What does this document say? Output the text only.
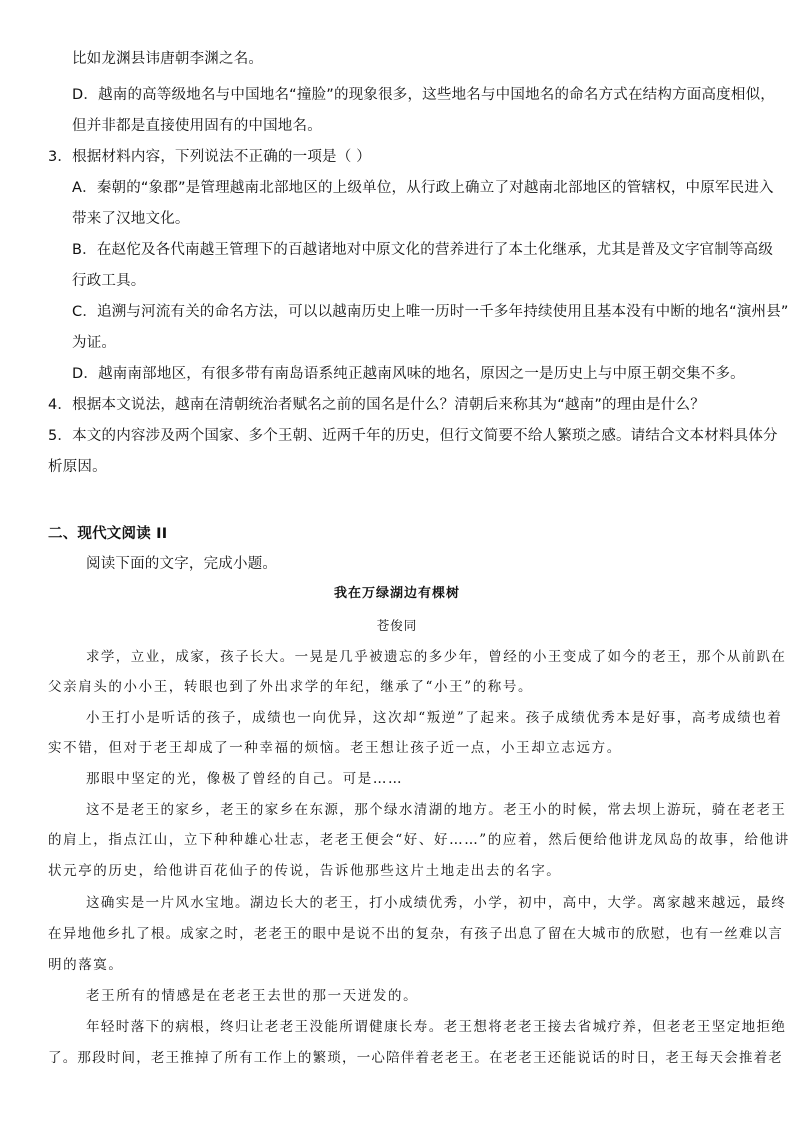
比如龙渊县讳唐朝李渊之名。
D．越南的高等级地名与中国地名“撞脸”的现象很多，这些地名与中国地名的命名方式在结构方面高度相似，
但并非都是直接使用固有的中国地名。
3．根据材料内容，下列说法不正确的一项是（ ）
A．秦朝的“象郡”是管理越南北部地区的上级单位，从行政上确立了对越南北部地区的管辖权，中原军民进入
带来了汉地文化。
B．在赵佗及各代南越王管理下的百越诸地对中原文化的营养进行了本土化继承，尤其是普及文字官制等高级
行政工具。
C．追溯与河流有关的命名方法，可以以越南历史上唯一历时一千多年持续使用且基本没有中断的地名“演州县”
为证。
D．越南南部地区，有很多带有南岛语系纯正越南风味的地名，原因之一是历史上与中原王朝交集不多。
4．根据本文说法，越南在清朝统治者赋名之前的国名是什么？清朝后来称其为“越南”的理由是什么？
5．本文的内容涉及两个国家、多个王朝、近两千年的历史，但行文简要不给人繁琐之感。请结合文本材料具体分
析原因。
二、现代文阅读 II
阅读下面的文字，完成小题。
我在万绿湖边有棵树
苍俊同
求学，立业，成家，孩子长大。一晃是几乎被遗忘的多少年，曾经的小王变成了如今的老王，那个从前趴在
父亲肩头的小小王，转眼也到了外出求学的年纪，继承了“小王”的称号。
小王打小是听话的孩子，成绩也一向优异，这次却“叛逆”了起来。孩子成绩优秀本是好事，高考成绩也着
实不错，但对于老王却成了一种幸福的烦恼。老王想让孩子近一点，小王却立志远方。
那眼中坚定的光，像极了曾经的自己。可是……
这不是老王的家乡，老王的家乡在东源，那个绿水清湖的地方。老王小的时候，常去坝上游玩，骑在老老王
的肩上，指点江山，立下种种雄心壮志，老老王便会“好、好……”的应着，然后便给他讲龙凤岛的故事，给他讲
状元亭的历史，给他讲百花仙子的传说，告诉他那些这片土地走出去的名字。
这确实是一片风水宝地。湖边长大的老王，打小成绩优秀，小学，初中，高中，大学。离家越来越远，最终
在异地他乡扎了根。成家之时，老老王的眼中是说不出的复杂，有孩子出息了留在大城市的欣慰，也有一丝难以言
明的落寞。
老王所有的情感是在老老王去世的那一天迸发的。
年轻时落下的病根，终归让老老王没能所谓健康长寿。老王想将老老王接去省城疗养，但老老王坚定地拒绝
了。那段时间，老王推掉了所有工作上的繁琐，一心陪伴着老老王。在老老王还能说话的时日，老王每天会推着老
